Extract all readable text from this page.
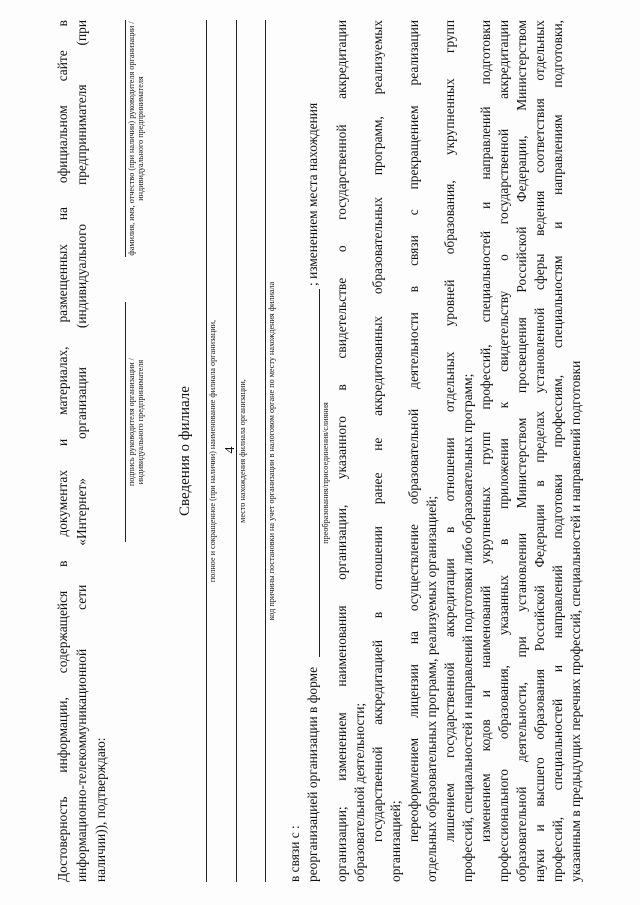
4
Достоверность информации, содержащейся в документах и материалах, размещенных на официальном сайте в информационно-телекоммуникационной сети «Интернет» организации (индивидуального предпринимателя (при наличии)), подтверждаю:
подпись руководителя организации / индивидуального предпринимателя
фамилия, имя, отчество (при наличии) руководителя организации / индивидуального предпринимателя
Сведения о филиале полное и сокращенное (при наличии) наименование филиала организации,	место нахождения филиала организации, код причины постановки на учет организации в налоговом органе по месту нахождения филиала
в связи с : реорганизацией организации в форме
; изменением места нахождения
преобразования/присоединения/слияния организации; изменением наименования организации, указанного в свидетельстве о государственной аккредитации образовательной деятельности; государственной аккредитацией в отношении ранее не аккредитованных образовательных программ, реализуемых организацией; переоформлением лицензии на осуществление образовательной деятельности в связи с прекращением реализации отдельных образовательных программ, реализуемых организацией; лишением государственной аккредитации в отношении отдельных уровней образования, укрупненных групп профессий, специальностей и направлений подготовки либо образовательных программ; изменением кодов и наименований укрупненных групп профессий, специальностей и направлений подготовки профессионального образования, указанных в приложении к свидетельству о государственной аккредитации образовательной деятельности, при установлении Министерством просвещения Российской Федерации, Министерством науки и высшего образования Российской Федерации в пределах установленной сферы ведения соответствия отдельных профессий, специальностей и направлений подготовки профессиям, специальностям и направлениям подготовки, указанным в предыдущих перечнях профессий, специальностей и направлений подготовки
